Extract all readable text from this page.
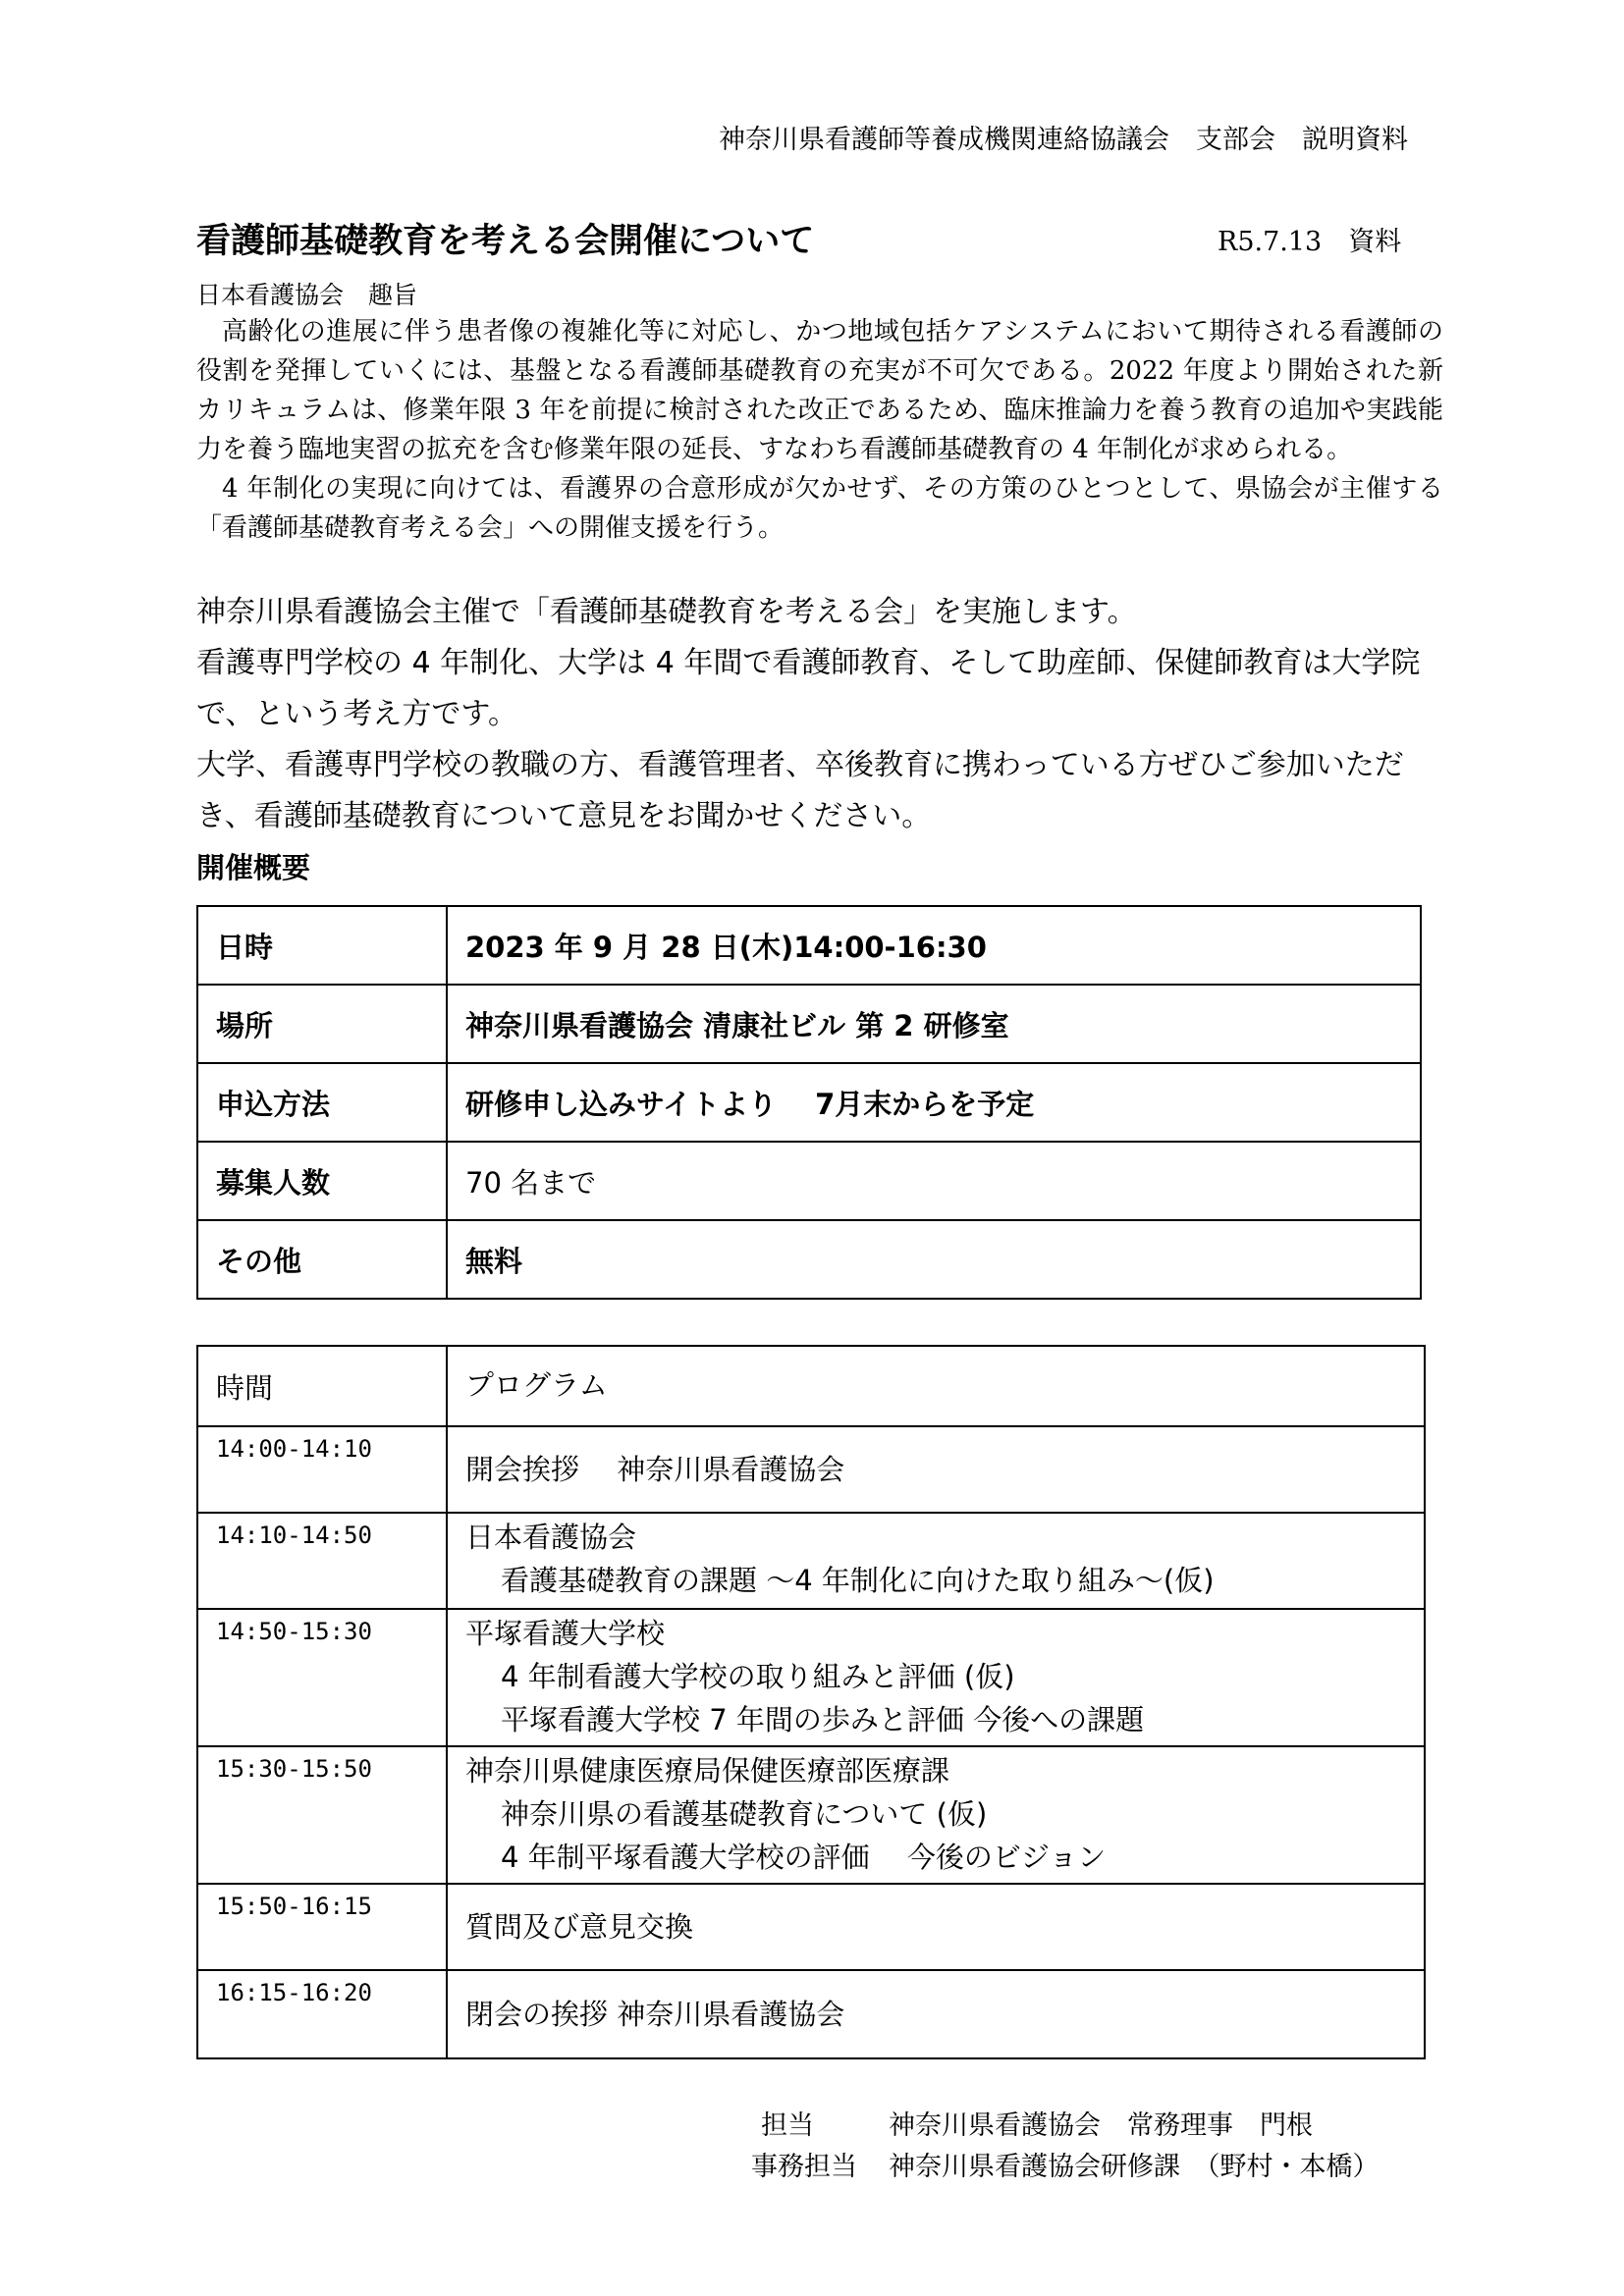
神奈川県看護師等養成機関連絡協議会　支部会　説明資料
看護師基礎教育を考える会開催について	R5.7.13　資料
日本看護協会　趣旨

高齢化の進展に伴う患者像の複雑化等に対応し、かつ地域包括ケアシステムにおいて期待される看護師の役割を発揮していくには、基盤となる看護師基礎教育の充実が不可欠である。2022 年度より開始された新カリキュラムは、修業年限 3 年を前提に検討された改正であるため、臨床推論力を養う教育の追加や実践能力を養う臨地実習の拡充を含む修業年限の延長、すなわち看護師基礎教育の 4 年制化が求められる。

4 年制化の実現に向けては、看護界の合意形成が欠かせず、その方策のひとつとして、県協会が主催する「看護師基礎教育考える会」への開催支援を行う。

神奈川県看護協会主催で「看護師基礎教育を考える会」を実施します。

看護専門学校の 4 年制化、大学は 4 年間で看護師教育、そして助産師、保健師教育は大学院で、という考え方です。

大学、看護専門学校の教職の方、看護管理者、卒後教育に携わっている方ぜひご参加いただき、看護師基礎教育について意見をお聞かせください。

開催概要
日時	2023 年 9 月 28 日(木)14:00-16:30
場所	神奈川県看護協会 清康社ビル 第 2 研修室
申込方法	研修申し込みサイトより　 7月末からを予定
募集人数	70 名まで
その他	無料
時間	プログラム
14:00-14:10	開会挨拶　 神奈川県看護協会

14:10-14:50	日本看護協会
看護基礎教育の課題 ～4 年制化に向けた取り組み～(仮)

14:50-15:30	平塚看護大学校
4 年制看護大学校の取り組みと評価 (仮)
平塚看護大学校 7 年間の歩みと評価 今後への課題

15:30-15:50	神奈川県健康医療局保健医療部医療課
神奈川県の看護基礎教育について (仮)
4 年制平塚看護大学校の評価　 今後のビジョン

15:50-16:15	質問及び意見交換

16:15-16:20	閉会の挨拶 神奈川県看護協会
担当	神奈川県看護協会　常務理事　門根
事務担当 神奈川県看護協会研修課　（野村・本橋）
